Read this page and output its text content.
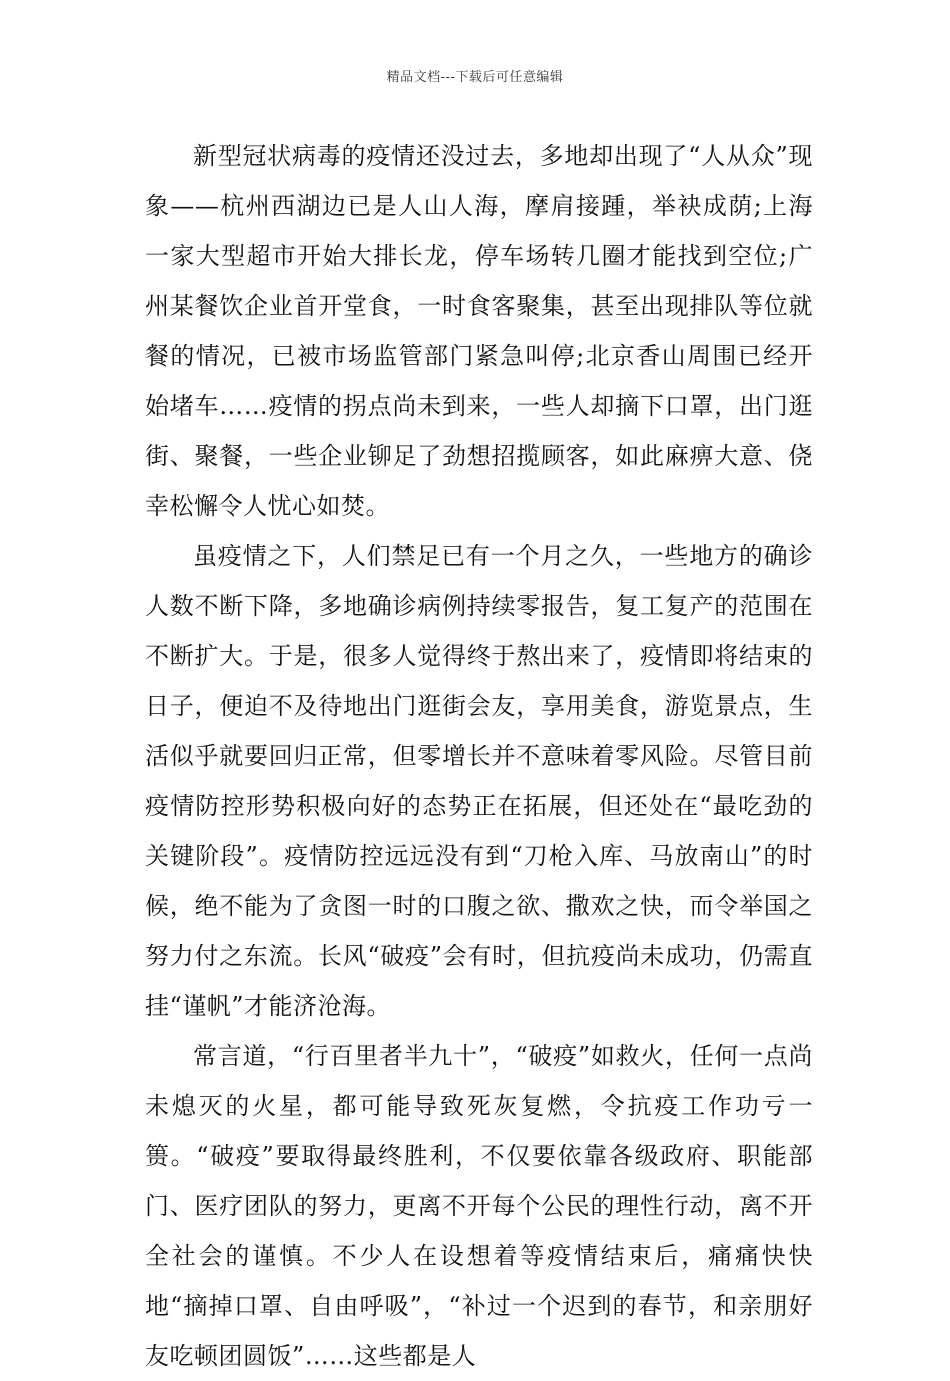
精品文档---下载后可任意编辑

新型冠状病毒的疫情还没过去，多地却出现了“人从众”现象——杭州西湖边已是人山人海，摩肩接踵，举袂成荫;上海一家大型超市开始大排长龙，停车场转几圈才能找到空位;广州某餐饮企业首开堂食，一时食客聚集，甚至出现排队等位就餐的情况，已被市场监管部门紧急叫停;北京香山周围已经开始堵车……疫情的拐点尚未到来，一些人却摘下口罩，出门逛街、聚餐，一些企业铆足了劲想招揽顾客，如此麻痹大意、侥幸松懈令人忧心如焚。

虽疫情之下，人们禁足已有一个月之久，一些地方的确诊人数不断下降，多地确诊病例持续零报告，复工复产的范围在不断扩大。于是，很多人觉得终于熬出来了，疫情即将结束的日子，便迫不及待地出门逛街会友，享用美食，游览景点，生活似乎就要回归正常，但零增长并不意味着零风险。尽管目前疫情防控形势积极向好的态势正在拓展，但还处在“最吃劲的关键阶段”。疫情防控远远没有到“刀枪入库、马放南山”的时候，绝不能为了贪图一时的口腹之欲、撒欢之快，而令举国之努力付之东流。长风“破疫”会有时，但抗疫尚未成功，仍需直挂“谨帆”才能济沧海。

常言道，“行百里者半九十”，“破疫”如救火，任何一点尚未熄灭的火星，都可能导致死灰复燃，令抗疫工作功亏一篑。“破疫”要取得最终胜利，不仅要依靠各级政府、职能部门、医疗团队的努力，更离不开每个公民的理性行动，离不开全社会的谨慎。不少人在设想着等疫情结束后，痛痛快快地“摘掉口罩、自由呼吸”，“补过一个迟到的春节，和亲朋好友吃顿团圆饭”……这些都是人
